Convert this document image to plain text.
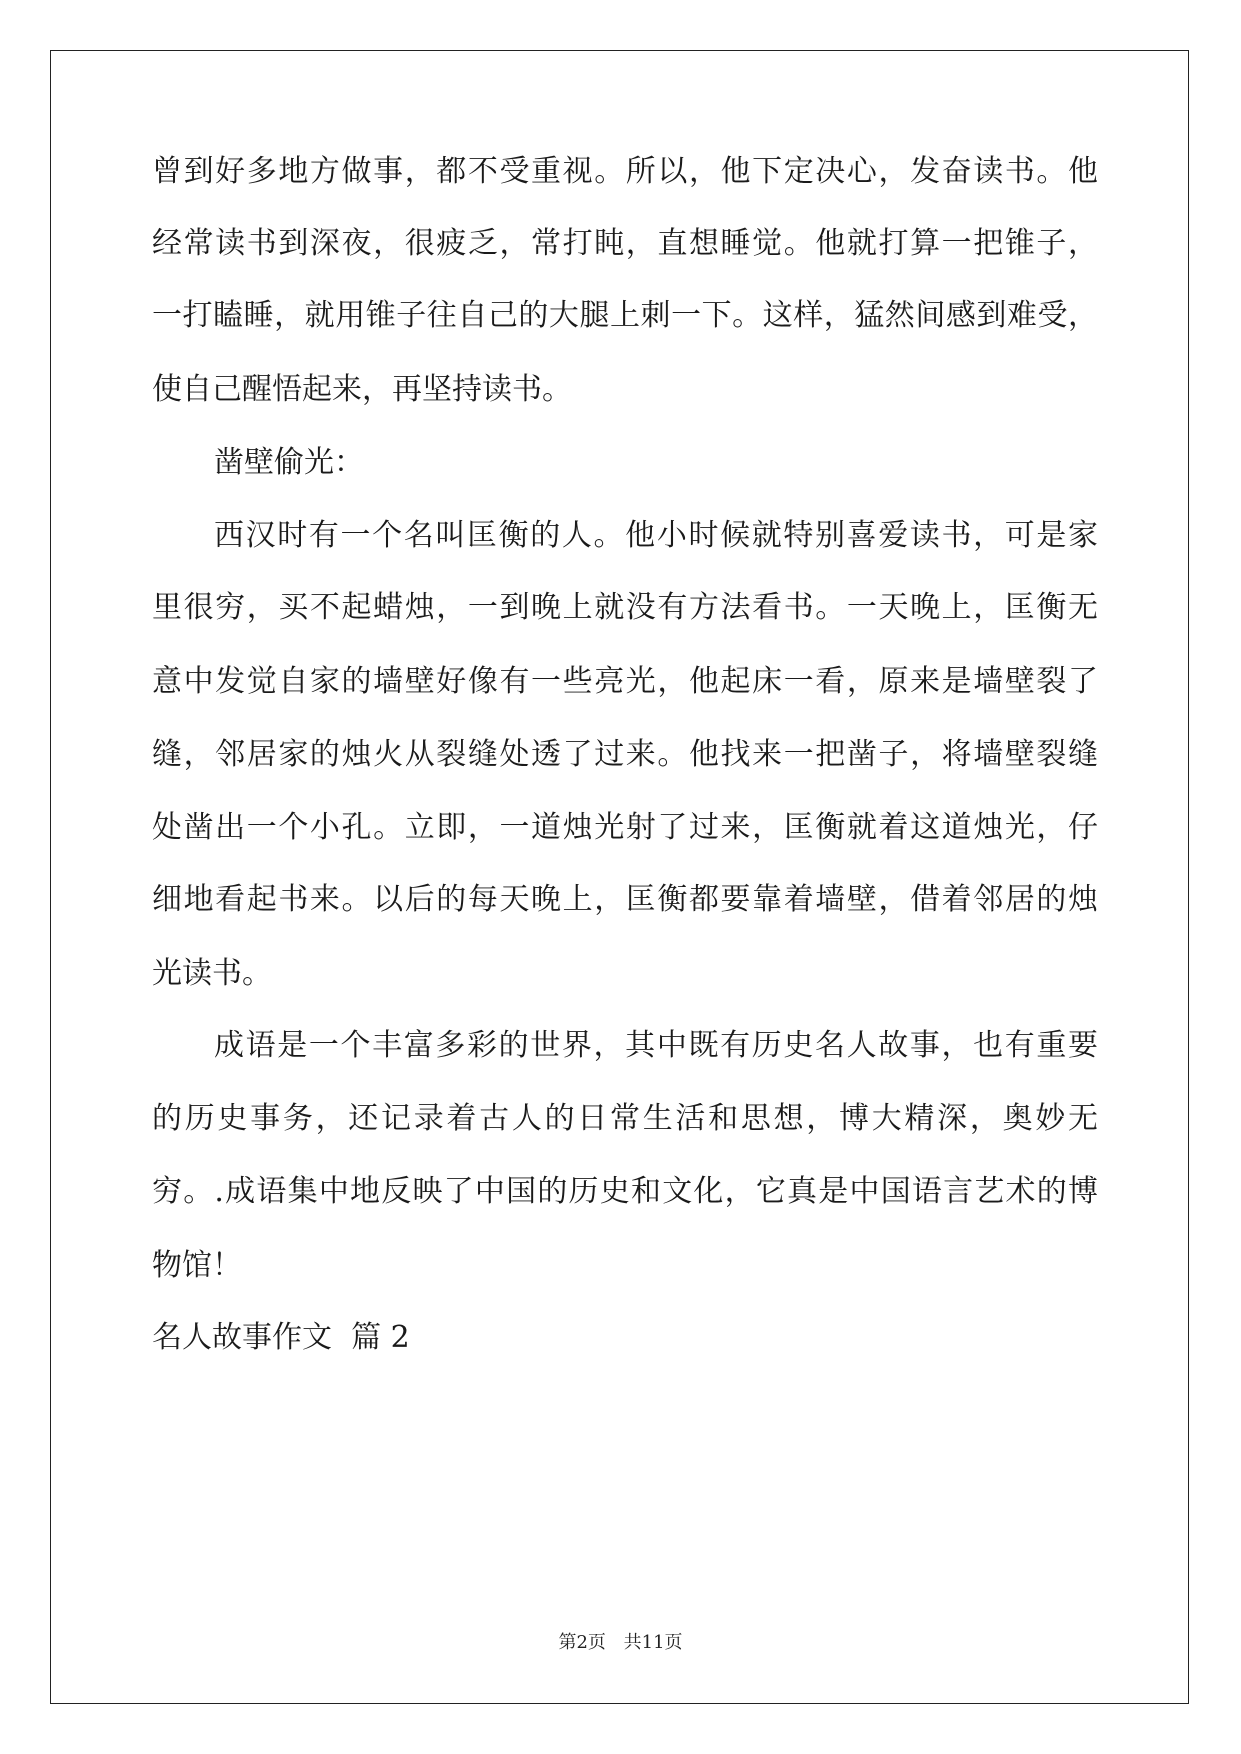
曾到好多地方做事，都不受重视。所以，他下定决心，发奋读书。他
经常读书到深夜，很疲乏，常打盹，直想睡觉。他就打算一把锥子，
一打瞌睡，就用锥子往自己的大腿上刺一下。这样，猛然间感到难受，
使自己醒悟起来，再坚持读书。
凿壁偷光：
西汉时有一个名叫匡衡的人。他小时候就特别喜爱读书，可是家
里很穷，买不起蜡烛，一到晚上就没有方法看书。一天晚上，匡衡无
意中发觉自家的墙壁好像有一些亮光，他起床一看，原来是墙壁裂了
缝，邻居家的烛火从裂缝处透了过来。他找来一把凿子，将墙壁裂缝
处凿出一个小孔。立即，一道烛光射了过来，匡衡就着这道烛光，仔
细地看起书来。以后的每天晚上，匡衡都要靠着墙壁，借着邻居的烛
光读书。
成语是一个丰富多彩的世界，其中既有历史名人故事，也有重要
的历史事务，还记录着古人的日常生活和思想，博大精深，奥妙无
穷。.成语集中地反映了中国的历史和文化，它真是中国语言艺术的博
物馆！
名人故事作文  篇 2
第2页 共11页
